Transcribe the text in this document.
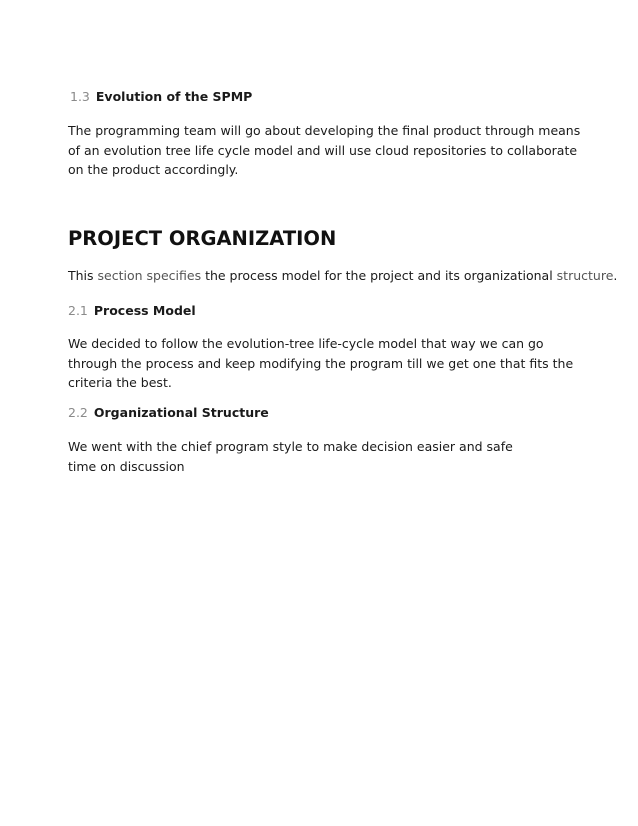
1.3 Evolution of the SPMP

The programming team will go about developing the final product through means of an evolution tree life cycle model and will use cloud repositories to collaborate on the product accordingly.

PROJECT ORGANIZATION

This section specifies the process model for the project and its organizational structure.

2.1 Process Model

We decided to follow the evolution-tree life-cycle model that way we can go through the process and keep modifying the program till we get one that fits the criteria the best.

2.2 Organizational Structure

We went with the chief program style to make decision easier and safe time on discussion
